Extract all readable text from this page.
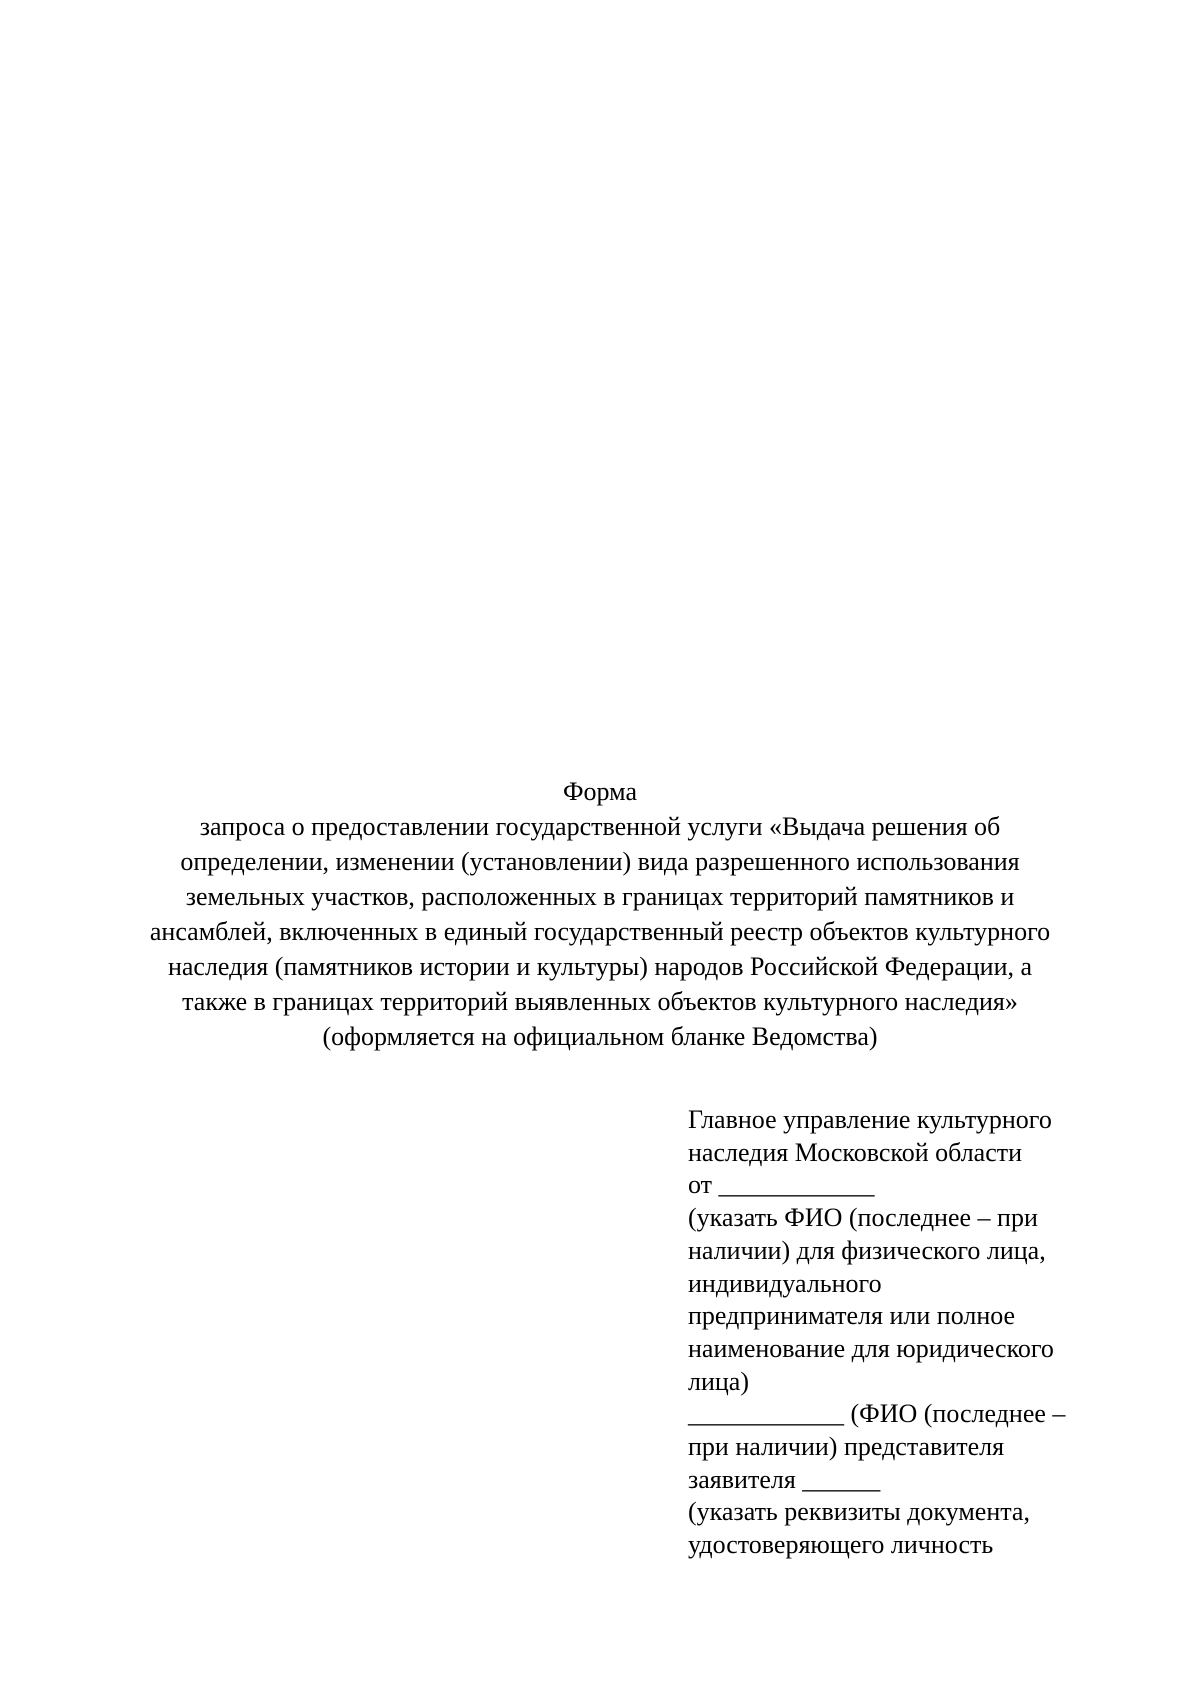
Форма
запроса о предоставлении государственной услуги «Выдача решения об
определении, изменении (установлении) вида разрешенного использования
земельных участков, расположенных в границах территорий памятников и
ансамблей, включенных в единый государственный реестр объектов культурного
наследия (памятников истории и культуры) народов Российской Федерации, а
также в границах территорий выявленных объектов культурного наследия»
(оформляется на официальном бланке Ведомства)
Главное управление культурного
наследия Московской области
от ____________
(указать ФИО (последнее – при
наличии) для физического лица,
индивидуального
предпринимателя или полное
наименование для юридического
лица)
____________ (ФИО (последнее –
при наличии) представителя
заявителя ______
(указать реквизиты документа,
удостоверяющего личность
